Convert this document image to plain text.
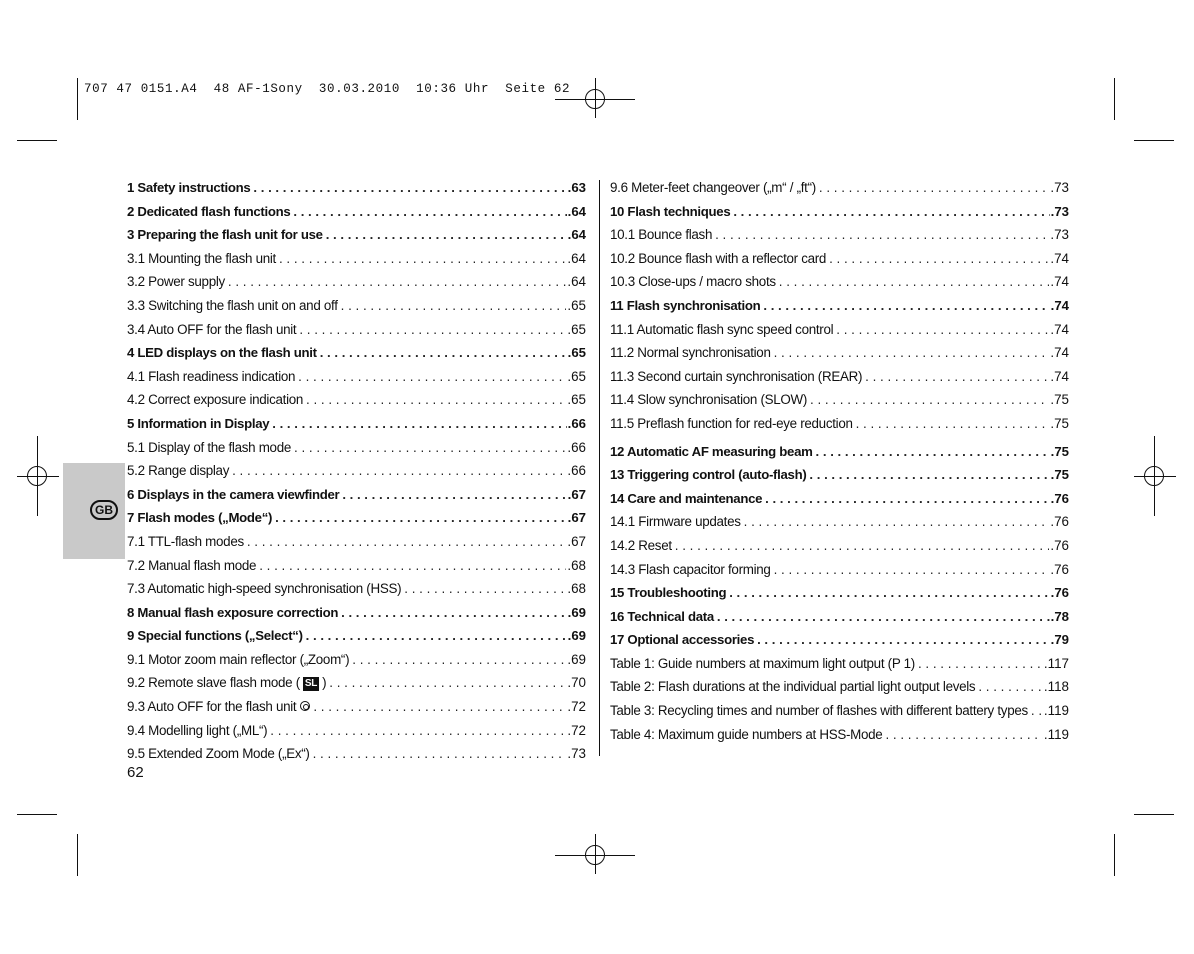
707 47 0151.A4  48 AF-1Sony  30.03.2010  10:36 Uhr  Seite 62
GB
1 Safety instructions . . .	.63
2 Dedicated flash functions . . .	.64
3 Preparing the flash unit for use . . .	.64
3.1 Mounting the flash unit . . .	.64
3.2 Power supply . . .	.64
3.3 Switching the flash unit on and off . . .	.65
3.4 Auto OFF for the flash unit . . .	.65
4 LED displays on the flash unit . . .	.65
4.1 Flash readiness indication . . .	.65
4.2 Correct exposure indication . . .	.65
5 Information in Display . . .	.66
5.1 Display of the flash mode . . .	.66
5.2 Range display . . .	.66
6 Displays in the camera viewfinder . . .	.67
7 Flash modes („Mode“) . . .	.67
7.1 TTL-flash modes . . .	.67
7.2 Manual flash mode . . .	.68
7.3 Automatic high-speed synchronisation (HSS) . . .	.68
8 Manual flash exposure correction . . .	.69
9 Special functions („Select“) . . .	.69
9.1 Motor zoom main reflector („Zoom“) . . .	.69
9.2 Remote slave flash mode ( SL ) . . .	.70
9.3 Auto OFF for the flash unit . . .	.72
9.4 Modelling light („ML“) . . .	.72
9.5 Extended Zoom Mode („Ex“) . . .	.73
9.6 Meter-feet changeover („m“ / „ft“) . . .	.73
10 Flash techniques . . .	.73
10.1 Bounce flash . . .	.73
10.2 Bounce flash with a reflector card . . .	.74
10.3 Close-ups / macro shots . . .	.74
11 Flash synchronisation . . .	.74
11.1 Automatic flash sync speed control . . .	.74
11.2 Normal synchronisation . . .	.74
11.3 Second curtain synchronisation (REAR) . . .	.74
11.4 Slow synchronisation (SLOW) . . .	.75
11.5 Preflash function for red-eye reduction . . .	.75
12 Automatic AF measuring beam . . .	.75
13 Triggering control (auto-flash) . . .	.75
14 Care and maintenance . . .	.76
14.1 Firmware updates . . .	.76
14.2 Reset . . .	.76
14.3 Flash capacitor forming . . .	.76
15 Troubleshooting . . .	.76
16 Technical data . . .	.78
17 Optional accessories . . .	.79
Table 1: Guide numbers at maximum light output (P 1) . . .	.117
Table 2: Flash durations at the individual partial light output levels . . .	.118
Table 3: Recycling times and number of flashes with different battery types . . . .119
Table 4: Maximum guide numbers at HSS-Mode . . .	.119
62
